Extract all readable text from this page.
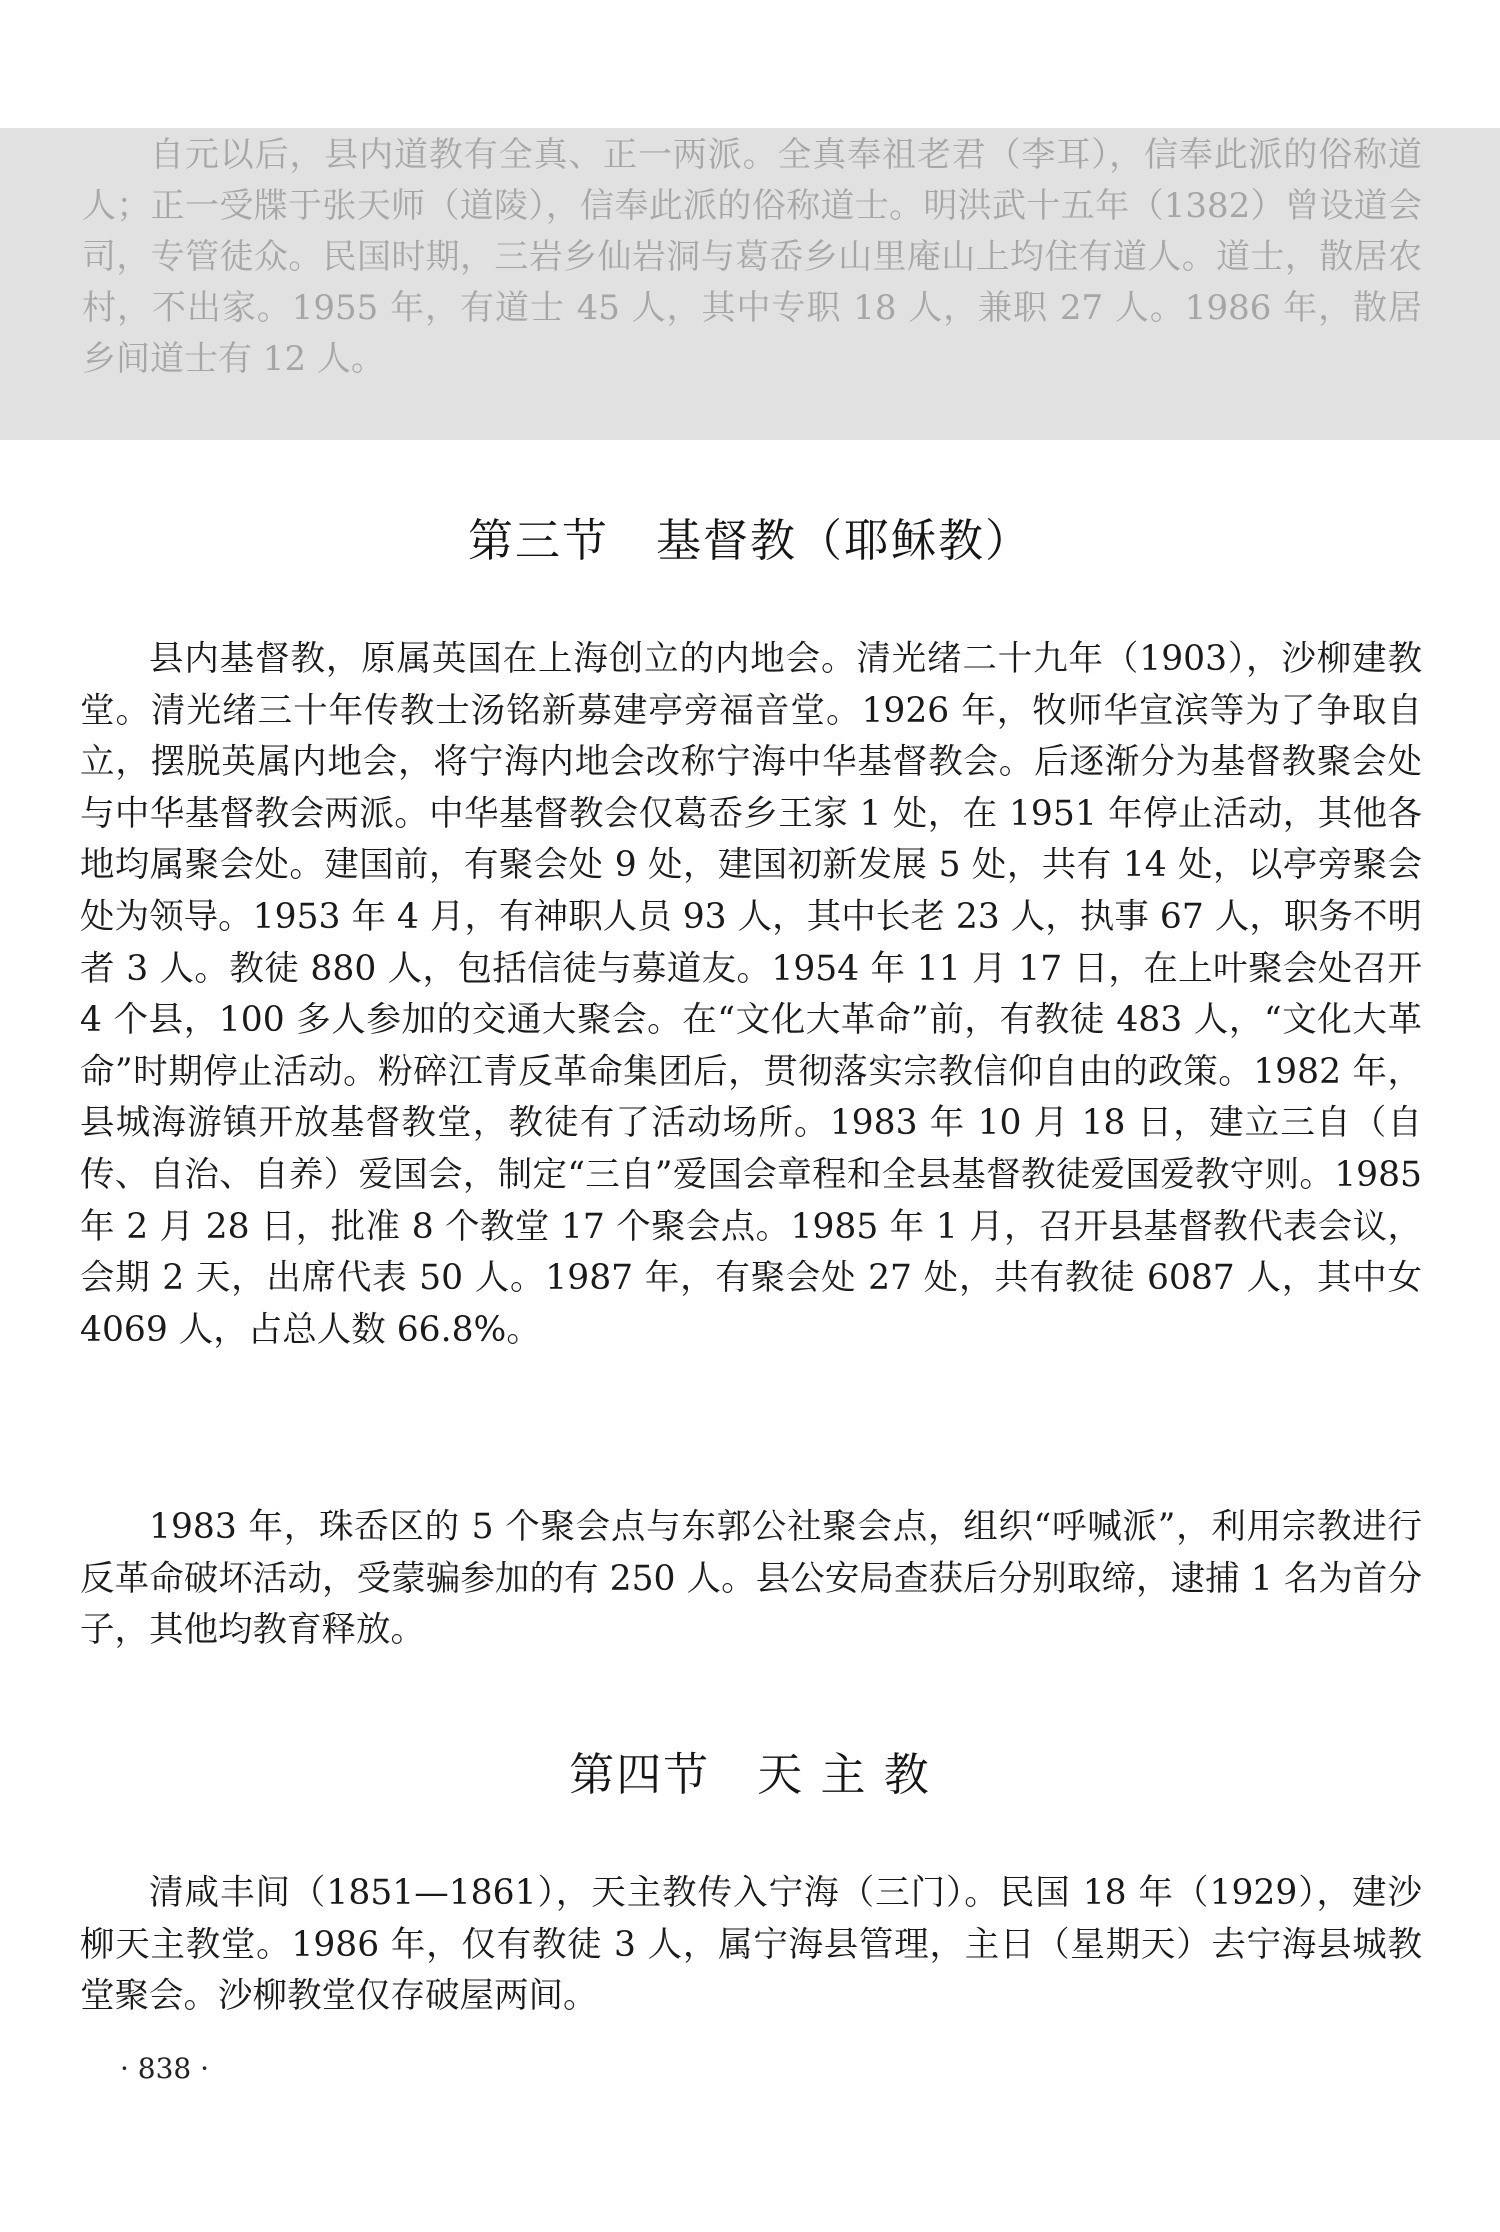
自元以后，县内道教有全真、正一两派。全真奉祖老君（李耳），信奉此派的俗称道人；正一受牒于张天师（道陵），信奉此派的俗称道士。明洪武十五年（1382）曾设道会司，专管徒众。民国时期，三岩乡仙岩洞与葛岙乡山里庵山上均住有道人。道士，散居农村，不出家。1955 年，有道士 45 人，其中专职 18 人，兼职 27 人。1986 年，散居乡间道士有 12 人。

第三节　基督教（耶稣教）

县内基督教，原属英国在上海创立的内地会。清光绪二十九年（1903），沙柳建教堂。清光绪三十年传教士汤铭新募建亭旁福音堂。1926 年，牧师华宣滨等为了争取自立，摆脱英属内地会，将宁海内地会改称宁海中华基督教会。后逐渐分为基督教聚会处与中华基督教会两派。中华基督教会仅葛岙乡王家 1 处，在 1951 年停止活动，其他各地均属聚会处。建国前，有聚会处 9 处，建国初新发展 5 处，共有 14 处，以亭旁聚会处为领导。1953 年 4 月，有神职人员 93 人，其中长老 23 人，执事 67 人，职务不明者 3 人。教徒 880 人，包括信徒与募道友。1954 年 11 月 17 日，在上叶聚会处召开 4 个县，100 多人参加的交通大聚会。在“文化大革命”前，有教徒 483 人，“文化大革命”时期停止活动。粉碎江青反革命集团后，贯彻落实宗教信仰自由的政策。1982 年，县城海游镇开放基督教堂，教徒有了活动场所。1983 年 10 月 18 日，建立三自（自传、自治、自养）爱国会，制定“三自”爱国会章程和全县基督教徒爱国爱教守则。1985 年 2 月 28 日，批准 8 个教堂 17 个聚会点。1985 年 1 月，召开县基督教代表会议，会期 2 天，出席代表 50 人。1987 年，有聚会处 27 处，共有教徒 6087 人，其中女 4069 人，占总人数 66.8%。

1983 年，珠岙区的 5 个聚会点与东郭公社聚会点，组织“呼喊派”，利用宗教进行反革命破坏活动，受蒙骗参加的有 250 人。县公安局查获后分别取缔，逮捕 1 名为首分子，其他均教育释放。

第四节　天 主 教

清咸丰间（1851—1861），天主教传入宁海（三门）。民国 18 年（1929），建沙柳天主教堂。1986 年，仅有教徒 3 人，属宁海县管理，主日（星期天）去宁海县城教堂聚会。沙柳教堂仅存破屋两间。

· 838 ·
